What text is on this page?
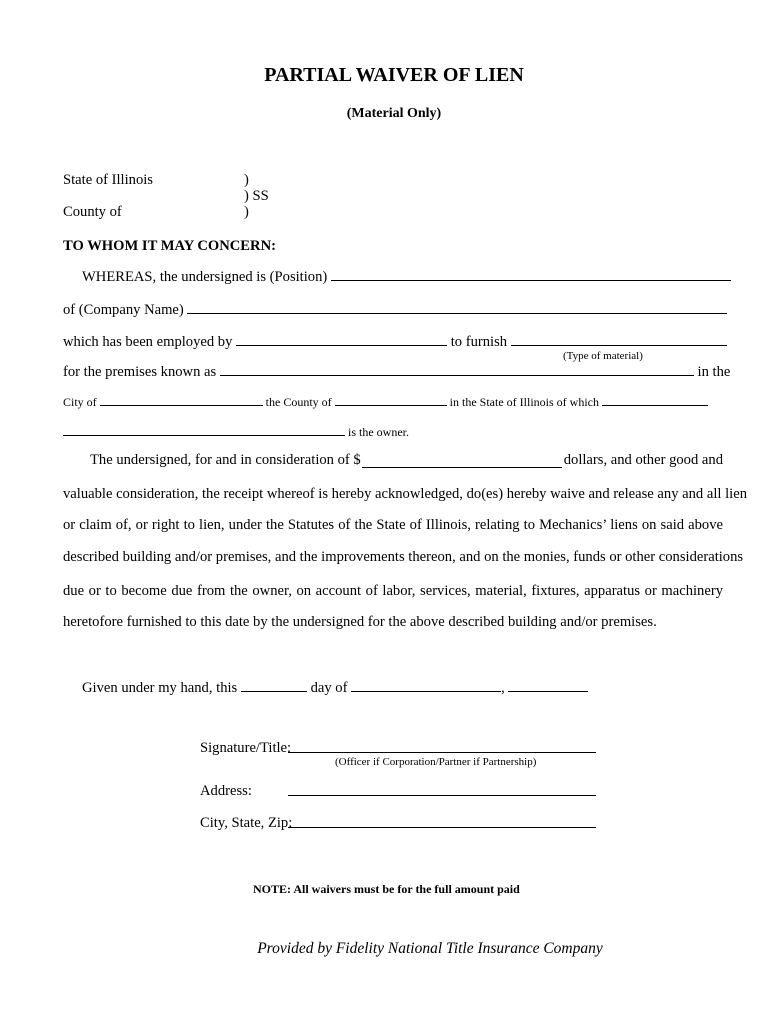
PARTIAL WAIVER OF LIEN
(Material Only)
State of Illinois
County of
)
) SS
)
TO WHOM IT MAY CONCERN:
WHEREAS, the undersigned is (Position)
of (Company Name)
which has been employed by	to furnish
(Type of material)
for the premises known as	in the
City of	the County of	in the State of Illinois of which
is the owner.
The undersigned, for and in consideration of $	dollars, and other good and
valuable consideration, the receipt whereof is hereby acknowledged, do(es) hereby waive and release any and all lien
or claim of, or right to lien, under the Statutes of the State of Illinois, relating to Mechanics’ liens on said above
described building and/or premises, and the improvements thereon, and on the monies, funds or other considerations
due or to become due from the owner, on account of labor, services, material, fixtures, apparatus or machinery
heretofore furnished to this date by the undersigned for the above described building and/or premises.
Given under my hand, this	day of	,
Signature/Title:
(Officer if Corporation/Partner if Partnership)
Address:
City, State, Zip:
NOTE: All waivers must be for the full amount paid
Provided by Fidelity National Title Insurance Company
